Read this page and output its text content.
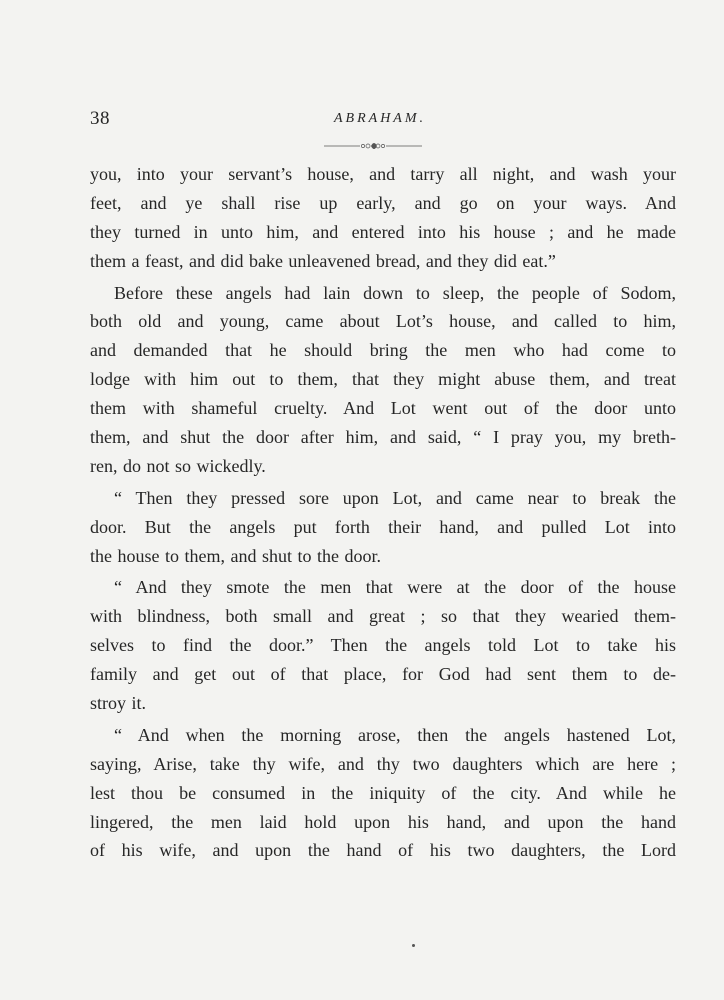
38	ABRAHAM.
you, into your servant’s house, and tarry all night, and wash your
feet, and ye shall rise up early, and go on your ways. And
they turned in unto him, and entered into his house ; and he made
them a feast, and did bake unleavened bread, and they did eat.”
Before these angels had lain down to sleep, the people of Sodom,
both old and young, came about Lot’s house, and called to him,
and demanded that he should bring the men who had come to
lodge with him out to them, that they might abuse them, and treat
them with shameful cruelty. And Lot went out of the door unto
them, and shut the door after him, and said, “ I pray you, my breth-
ren, do not so wickedly.
“ Then they pressed sore upon Lot, and came near to break the
door. But the angels put forth their hand, and pulled Lot into
the house to them, and shut to the door.
“ And they smote the men that were at the door of the house
with blindness, both small and great ; so that they wearied them-
selves to find the door.” Then the angels told Lot to take his
family and get out of that place, for God had sent them to de-
stroy it.
“ And when the morning arose, then the angels hastened Lot,
saying, Arise, take thy wife, and thy two daughters which are here ;
lest thou be consumed in the iniquity of the city. And while he
lingered, the men laid hold upon his hand, and upon the hand
of his wife, and upon the hand of his two daughters, the Lord
